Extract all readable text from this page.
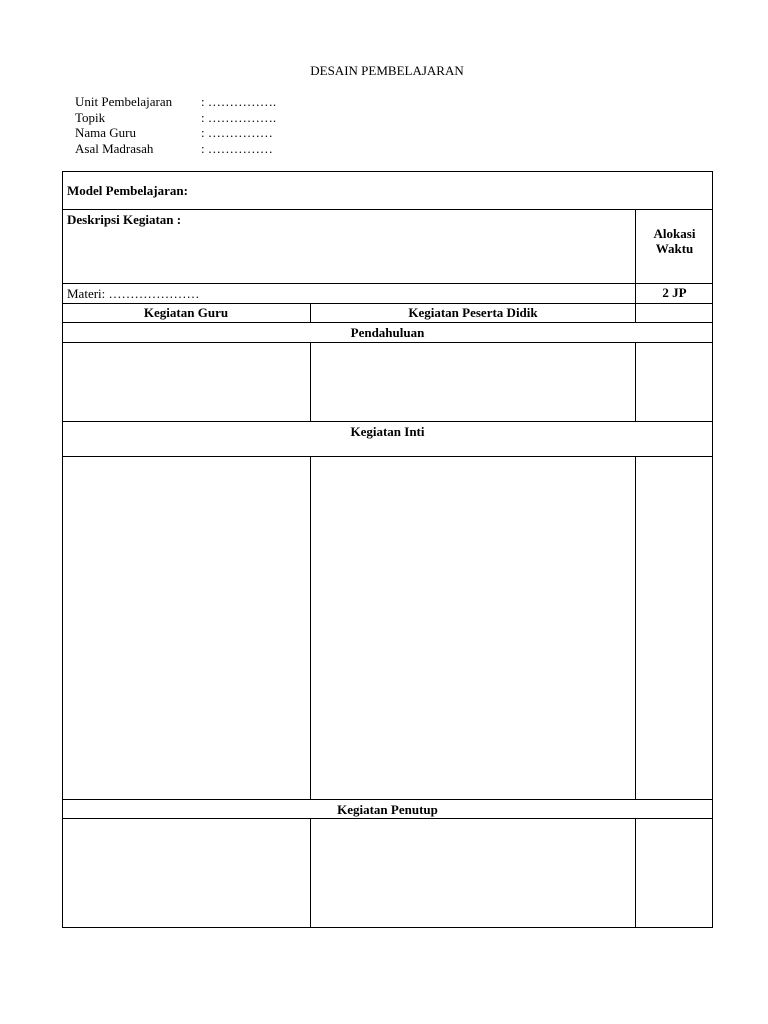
DESAIN PEMBELAJARAN
Unit Pembelajaran	: …………….
Topik	: …………….
Nama Guru	: ……………
Asal Madrasah	: ……………
Model Pembelajaran:
Deskripsi Kegiatan :
Alokasi
Waktu
Materi: …………………	2 JP
Kegiatan Guru	Kegiatan Peserta Didik
Pendahuluan
Kegiatan Inti
Kegiatan Penutup
